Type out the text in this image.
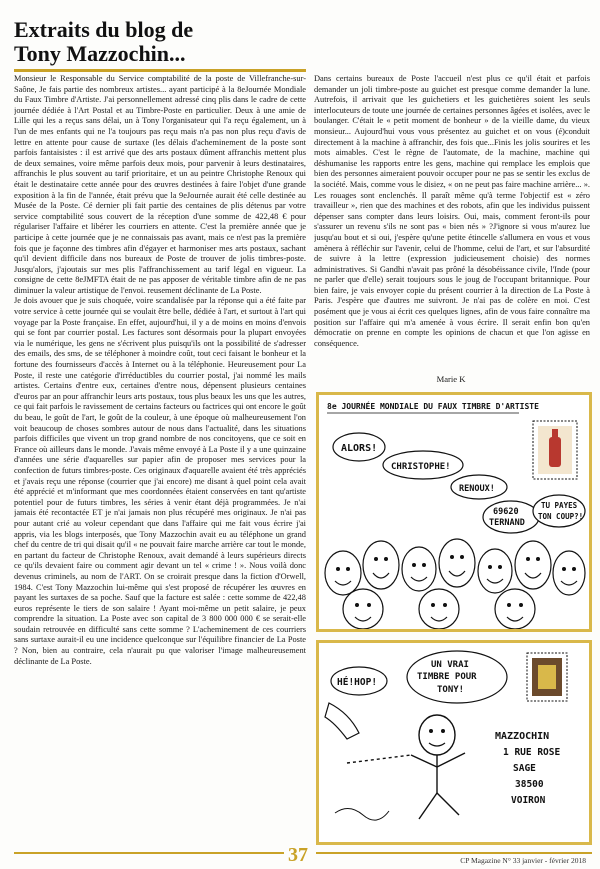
Extraits du blog de
Tony Mazzochin...

Monsieur le Responsable du Service comptabilité de la poste de Villefranche-sur-Saône, Je fais partie des nombreux artistes... ayant participé à la 8eJournée Mondiale du Faux Timbre d'Artiste. J'ai personnellement adressé cinq plis dans le cadre de cette journée dédiée à l'Art Postal et au Timbre-Poste en particulier. Deux à une amie de Lille qui les a reçus sans délai, un à Tony l'organisateur qui l'a reçu également, un à l'un de mes enfants qui ne l'a toujours pas reçu mais n'a pas non plus reçu d'avis de lettre en attente pour cause de surtaxe (les délais d'acheminement de la poste sont parfois fantaisistes : il est arrivé que des arts postaux dûment affranchis mettent plus de deux semaines, voire même parfois deux mois, pour parvenir à leurs destinataires, affranchis le plus souvent au tarif prioritaire, et un au peintre Christophe Renoux qui était le destinataire cette année pour des œuvres destinées à faire l'objet d'une grande exposition à la fin de l'année, était prévu que la 9eJournée aurait été celle destinée au Musée de la Poste. Cé dernier pli fait partie des centaines de plis détenus par votre service comptabilité sous couvert de la réception d'une somme de 422,48 € pour régulariser l'affaire et libérer les courriers en attente. C'est la première année que je participe à cette journée que je ne connaissais pas avant, mais ce n'est pas la première fois que je façonne des timbres afin d'égayer et harmoniser mes arts postaux, sachant qu'il devient difficile dans nos bureaux de Poste de trouver de jolis timbres-poste. Jusqu'alors, j'ajoutais sur mes plis l'affranchissement au tarif légal en vigueur. La consigne de cette 8eJMFTA était de ne pas apposer de véritable timbre afin de ne pas diminuer la valeur artistique de l'envoi. reusement déclinante de La Poste.

Je dois avouer que je suis choquée, voire scandalisée par la réponse qui a été faite par votre service à cette journée qui se voulait être belle, dédiée à l'art, et surtout à l'art qui voyage par la Poste française. En effet, aujourd'hui, il y a de moins en moins d'envois qui se font par courrier postal. Les factures sont désormais pour la plupart envoyées via le numérique, les gens ne s'écrivent plus puisqu'ils ont la possibilité de s'adresser des emails, des sms, de se téléphoner à moindre coût, tout ceci faisant le bonheur et la fortune des fournisseurs d'accès à Internet ou à la téléphonie. Heureusement pour La Poste, il reste une catégorie d'irréductibles du courrier postal, j'ai nommé les mails artistes. Certains d'entre eux, certaines d'entre nous, dépensent plusieurs centaines d'euros par an pour affranchir leurs arts postaux, tous plus beaux les uns que les autres, ce qui fait parfois le ravissement de certains facteurs ou factrices qui ont encore le goût du beau, le goût de l'art, le goût de la couleur, à une époque où malheureusement l'on voit beaucoup de choses sombres autour de nous dans l'actualité, dans les situations parfois difficiles que vivent un trop grand nombre de nos concitoyens, que ce soit en France où ailleurs dans le monde. J'avais même envoyé à La Poste il y a une quinzaine d'années une série d'aquarelles sur papier afin de proposer mes services pour la confection de futurs timbres-poste. Ces originaux d'aquarelle avaient été très appréciés et j'avais reçu une réponse (courrier que j'ai encore) me disant à quel point cela avait été apprécié et m'informant que mes coordonnées étaient conservées en tant qu'artiste potentiel pour de futurs timbres, les séries à venir étant déjà programmées. Je n'ai jamais été recontactée ET je n'ai jamais non plus récupéré mes originaux. Je n'ai pas pour autant crié au voleur cependant que dans l'affaire qui me fait vous écrire j'ai appris, via les blogs interposés, que Tony Mazzochin avait eu au téléphone un grand chef du centre de tri qui disait qu'il « ne pouvait faire marche arrière car tout le monde, en partant du facteur de Christophe Renoux, avait demandé à leurs supérieurs directs ce qu'ils devaient faire ou comment agir devant un tel « crime ! ». Nous voilà donc devenus criminels, au nom de l'ART. On se croirait presque dans la fiction d'Orwell, 1984. C'est Tony Mazzochin lui-même qui s'est proposé de récupérer les œuvres en payant les surtaxes de sa poche. Sauf que la facture est salée : cette somme de 422,48 euros représente le tiers de son salaire ! Ayant moi-même un petit salaire, je peux comprendre la situation. La Poste avec son capital de 3 800 000 000 € se serait-elle soudain retrouvée en difficulté sans cette somme ? L'acheminement de ces courriers sans surtaxe aurait-il eu une incidence quelconque sur l'équilibre financier de La Poste ? Non, bien au contraire, cela n'aurait pu que valoriser l'image malheureusement déclinante de La Poste.

Dans certains bureaux de Poste l'accueil n'est plus ce qu'il était et parfois demander un joli timbre-poste au guichet est presque comme demander la lune. Autrefois, il arrivait que les guichetiers et les guichetières soient les seuls interlocuteurs de toute une journée de certaines personnes âgées et isolées, avec le boulanger. C'était le « petit moment de bonheur » de la vieille dame, du vieux monsieur... Aujourd'hui vous vous présentez au guichet et on vous (é)conduit directement à la machine à affranchir, des fois que...Finis les jolis sourires et les mots aimables. C'est le règne de l'automate, de la machine, machine qui déshumanise les rapports entre les gens, machine qui remplace les emplois que bien des personnes aimeraient pouvoir occuper pour ne pas se sentir les exclus de la société. Mais, comme vous le disiez, « on ne peut pas faire machine arrière... ». Les rouages sont enclenchés. Il paraît même qu'à terme l'objectif est « zéro travailleur », rien que des machines et des robots, afin que les individus puissent dépenser sans compter dans leurs loisirs. Oui, mais, comment feront-ils pour s'assurer un revenu s'ils ne sont pas « bien nés » ?J'ignore si vous m'aurez lue jusqu'au bout et si oui, j'espère qu'une petite étincelle s'allumera en vous et vous amènera à réfléchir sur l'avenir, celui de l'homme, celui de l'art, et sur l'absurdité de suivre à la lettre (expression judicieusement choisie) des normes administratives. Si Gandhi n'avait pas prôné la désobéissance civile, l'Inde (pour ne parler que d'elle) serait toujours sous le joug de l'occupant britannique. Pour bien faire, je vais envoyer copie du présent courrier à la direction de La Poste à Paris. J'espère que d'autres me suivront. Je n'ai pas de colère en moi. C'est posément que je vous ai écrit ces quelques lignes, afin de vous faire connaître ma position sur l'affaire qui m'a amenée à vous écrire. Il serait enfin bon qu'en démocratie on prenne en compte les opinions de chacun et que l'on agisse en conséquence.

Marie K
8e JOURNÉE MONDIALE DU FAUX TIMBRE D'ARTISTE
ALORS!
CHRISTOPHE!
RENOUX!
69620
TERNAND
TU PAYES
TON COUP?!
HÉ!HOP!
UN VRAI
TIMBRE POUR
TONY!
MAZZOCHIN
1 RUE ROSE
SAGE
38500
VOIRON
37	CP Magazine N° 33 janvier - février 2018
